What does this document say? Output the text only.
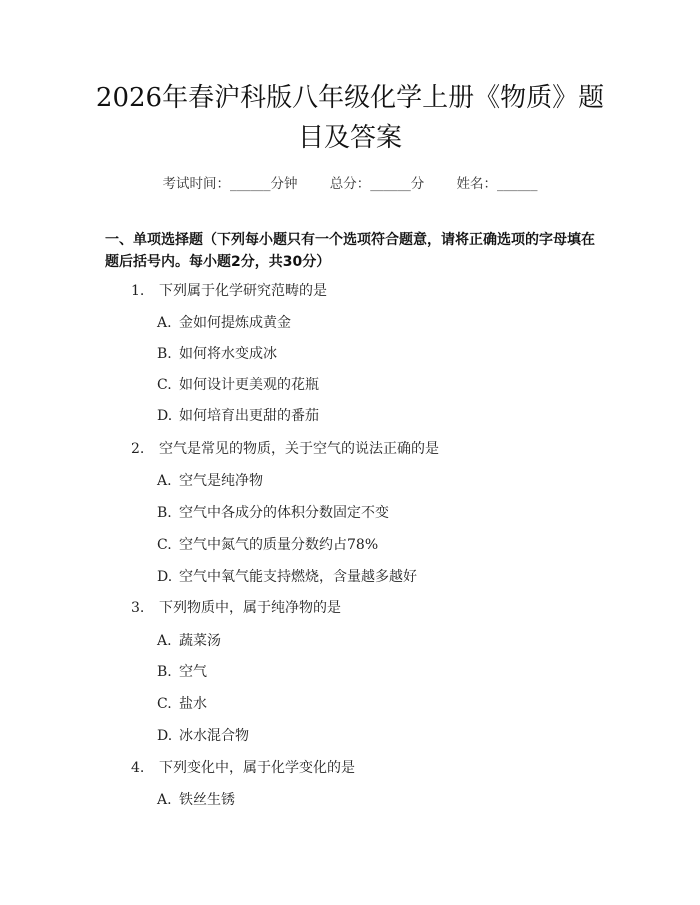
2026年春沪科版八年级化学上册《物质》题
目及答案
考试时间：______分钟 总分：______分 姓名：______
一、单项选择题（下列每小题只有一个选项符合题意，请将正确选项的字母填在题后括号内。每小题2分，共30分）
1. 下列属于化学研究范畴的是
A. 金如何提炼成黄金
B. 如何将水变成冰
C. 如何设计更美观的花瓶
D. 如何培育出更甜的番茄
2. 空气是常见的物质，关于空气的说法正确的是
A. 空气是纯净物
B. 空气中各成分的体积分数固定不变
C. 空气中氮气的质量分数约占78%
D. 空气中氧气能支持燃烧，含量越多越好
3. 下列物质中，属于纯净物的是
A. 蔬菜汤
B. 空气
C. 盐水
D. 冰水混合物
4. 下列变化中，属于化学变化的是
A. 铁丝生锈
